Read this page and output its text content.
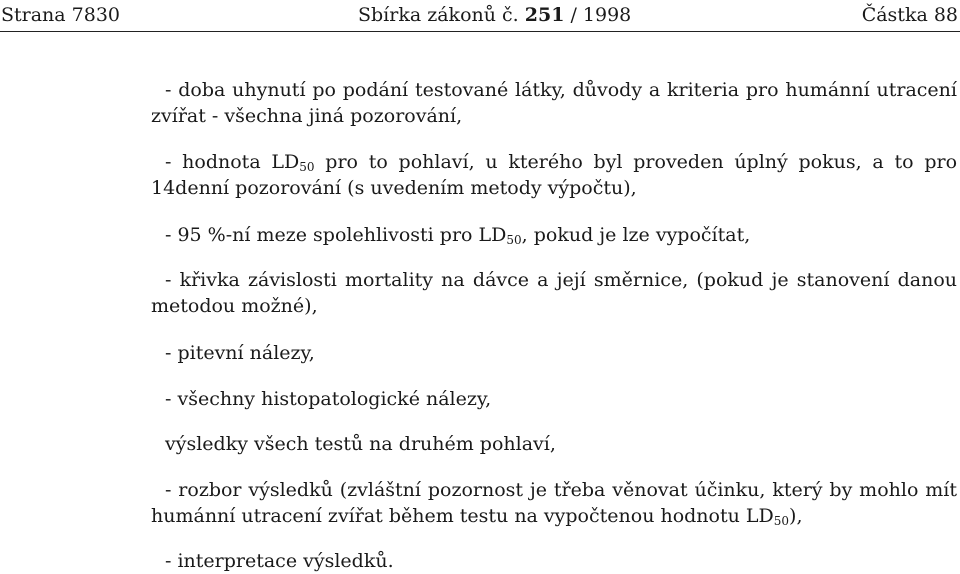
Strana 7830	Sbírka zákonů č. 251 / 1998	Částka 88

- doba uhynutí po podání testované látky, důvody a kriteria pro humánní utracení zvířat - všechna jiná pozorování,

- hodnota $LD_{50}$ pro to pohlaví, u kterého byl proveden úplný pokus, a to pro 14denní pozorování (s uvedením metody výpočtu),

- 95 %-ní meze spolehlivosti pro $LD_{50}$, pokud je lze vypočítat,

- křivka závislosti mortality na dávce a její směrnice, (pokud je stanovení danou metodou možné),

- pitevní nálezy,

- všechny histopatologické nálezy,

výsledky všech testů na druhém pohlaví,

- rozbor výsledků (zvláštní pozornost je třeba věnovat účinku, který by mohlo mít humánní utracení zvířat během testu na vypočtenou hodnotu $LD_{50}$),

- interpretace výsledků.
